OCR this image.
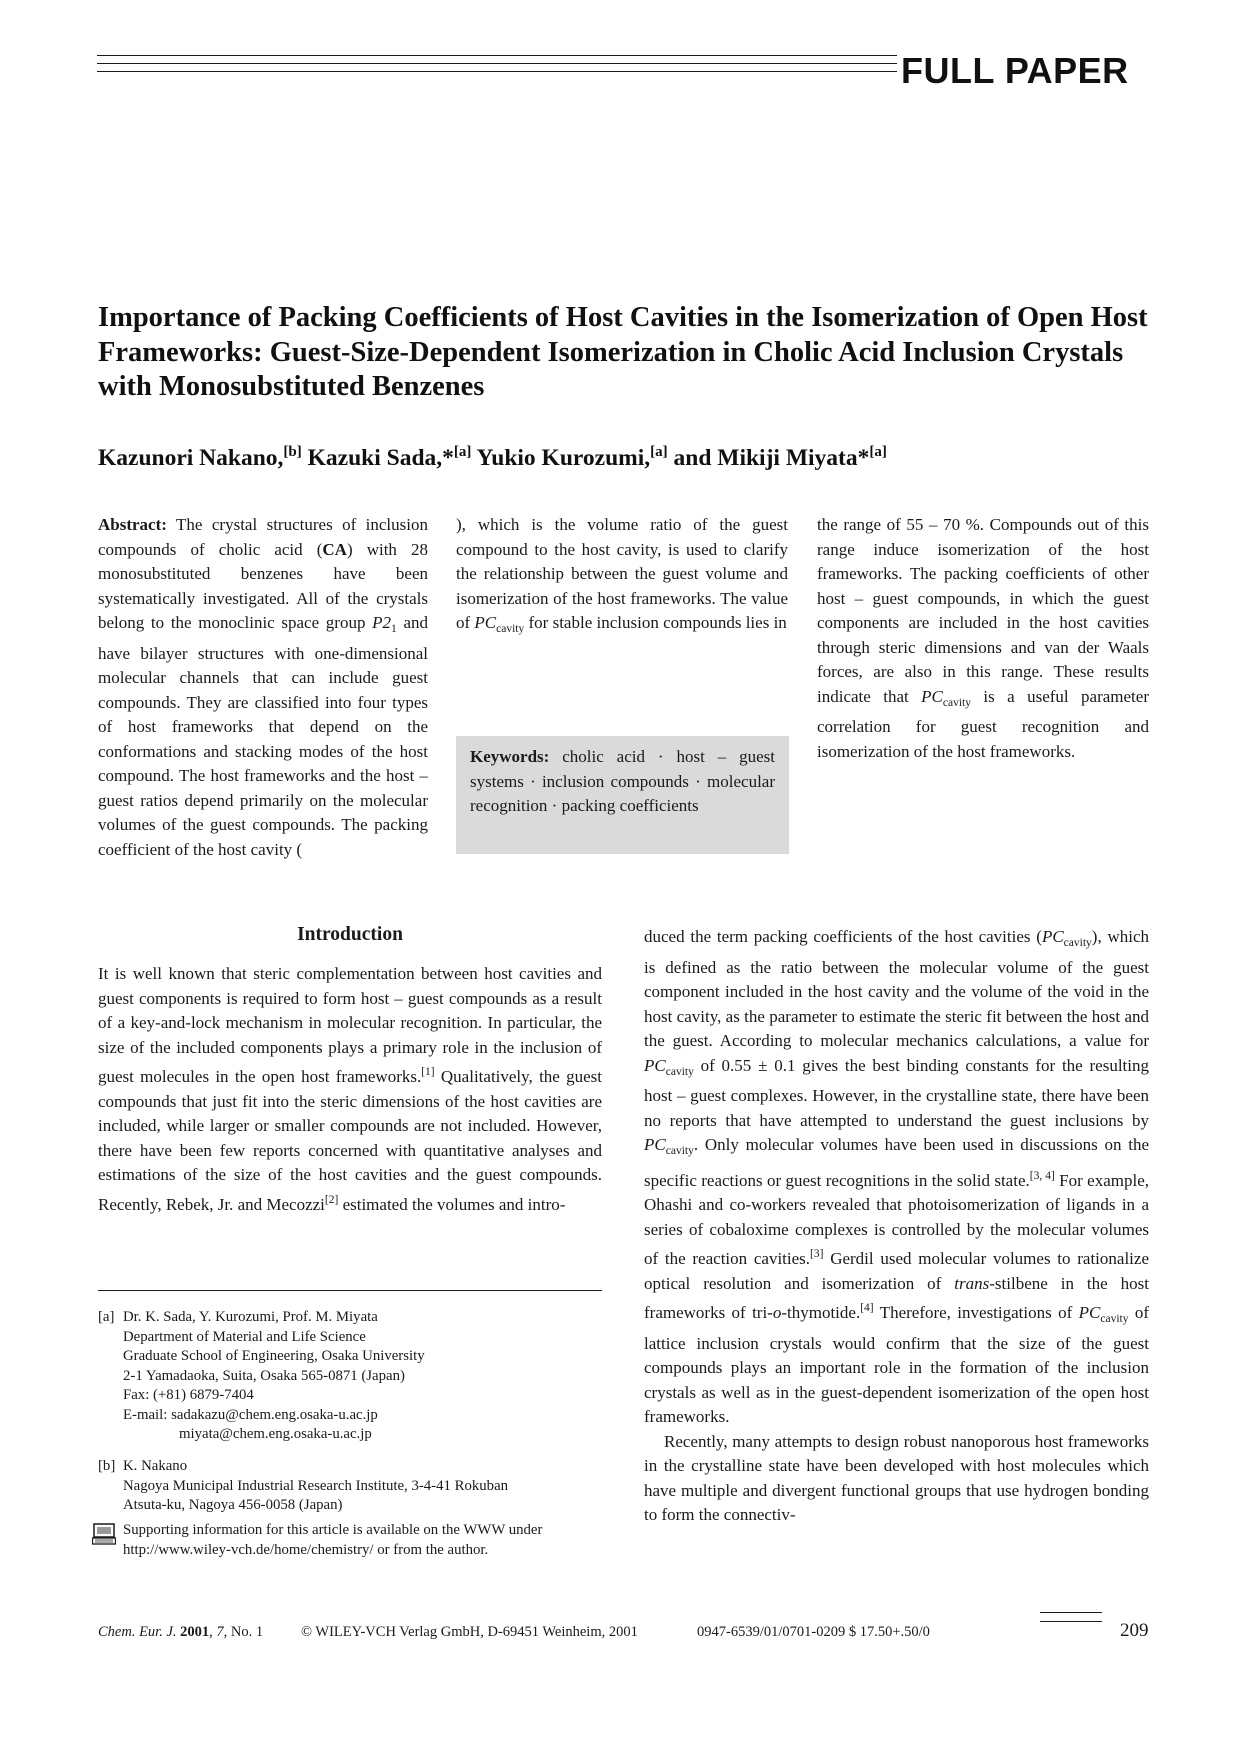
FULL PAPER
Importance of Packing Coefficients of Host Cavities in the Isomerization of Open Host Frameworks: Guest-Size-Dependent Isomerization in Cholic Acid Inclusion Crystals with Monosubstituted Benzenes
Kazunori Nakano,[b] Kazuki Sada,*[a] Yukio Kurozumi,[a] and Mikiji Miyata*[a]

Abstract: The crystal structures of inclusion compounds of cholic acid (CA) with 28 monosubstituted benzenes have been systematically investigated. All of the crystals belong to the monoclinic space group $P2_1$ and have bilayer structures with one-dimensional molecular channels that can include guest compounds. They are classified into four types of host frameworks that depend on the conformations and stacking modes of the host compound. The host frameworks and the host – guest ratios depend primarily on the molecular volumes of the guest compounds. The packing coefficient of the host cavity (

), which is the volume ratio of the guest compound to the host cavity, is used to clarify the relationship between the guest volume and isomerization of the host frameworks. The value of $PC_{cavity}$ for stable inclusion compounds lies in

Keywords: cholic acid · host – guest systems · inclusion compounds · molecular recognition · packing coefficients

the range of 55 – 70 %. Compounds out of this range induce isomerization of the host frameworks. The packing coefficients of other host – guest compounds, in which the guest components are included in the host cavities through steric dimensions and van der Waals forces, are also in this range. These results indicate that $PC_{cavity}$ is a useful parameter correlation for guest recognition and isomerization of the host frameworks.

Introduction

It is well known that steric complementation between host cavities and guest components is required to form host – guest compounds as a result of a key-and-lock mechanism in molecular recognition. In particular, the size of the included components plays a primary role in the inclusion of guest molecules in the open host frameworks.[1] Qualitatively, the guest compounds that just fit into the steric dimensions of the host cavities are included, while larger or smaller compounds are not included. However, there have been few reports concerned with quantitative analyses and estimations of the size of the host cavities and the guest compounds. Recently, Rebek, Jr. and Mecozzi[2] estimated the volumes and intro-

duced the term packing coefficients of the host cavities $(PC_{cavity})$, which is defined as the ratio between the molecular volume of the guest component included in the host cavity and the volume of the void in the host cavity, as the parameter to estimate the steric fit between the host and the guest. According to molecular mechanics calculations, a value for $PC_{cavity}$ of 0.55 ± 0.1 gives the best binding constants for the resulting host – guest complexes. However, in the crystalline state, there have been no reports that have attempted to understand the guest inclusions by $PC_{cavity}$. Only molecular volumes have been used in discussions on the specific reactions or guest recognitions in the solid state.[3, 4] For example, Ohashi and co-workers revealed that photoisomerization of ligands in a series of cobaloxime complexes is controlled by the molecular volumes of the reaction cavities.[3] Gerdil used molecular volumes to rationalize optical resolution and isomerization of trans-stilbene in the host frameworks of tri-o-thymotide.[4] Therefore, investigations of $PC_{cavity}$ of lattice inclusion crystals would confirm that the size of the guest compounds plays an important role in the formation of the inclusion crystals as well as in the guest-dependent isomerization of the open host frameworks.

Recently, many attempts to design robust nanoporous host frameworks in the crystalline state have been developed with host molecules which have multiple and divergent functional groups that use hydrogen bonding to form the connectiv-

[a] Dr. K. Sada, Y. Kurozumi, Prof. M. Miyata
Department of Material and Life Science
Graduate School of Engineering, Osaka University
2-1 Yamadaoka, Suita, Osaka 565-0871 (Japan)
Fax: (+81) 6879-7404
E-mail: sadakazu@chem.eng.osaka-u.ac.jp
miyata@chem.eng.osaka-u.ac.jp
[b] K. Nakano
Nagoya Municipal Industrial Research Institute, 3-4-41 Rokuban
Atsuta-ku, Nagoya 456-0058 (Japan)
Supporting information for this article is available on the WWW under
http://www.wiley-vch.de/home/chemistry/ or from the author.
Chem. Eur. J. 2001, 7, No. 1	© WILEY-VCH Verlag GmbH, D-69451 Weinheim, 2001	0947-6539/01/0701-0209 $ 17.50+.50/0	209
